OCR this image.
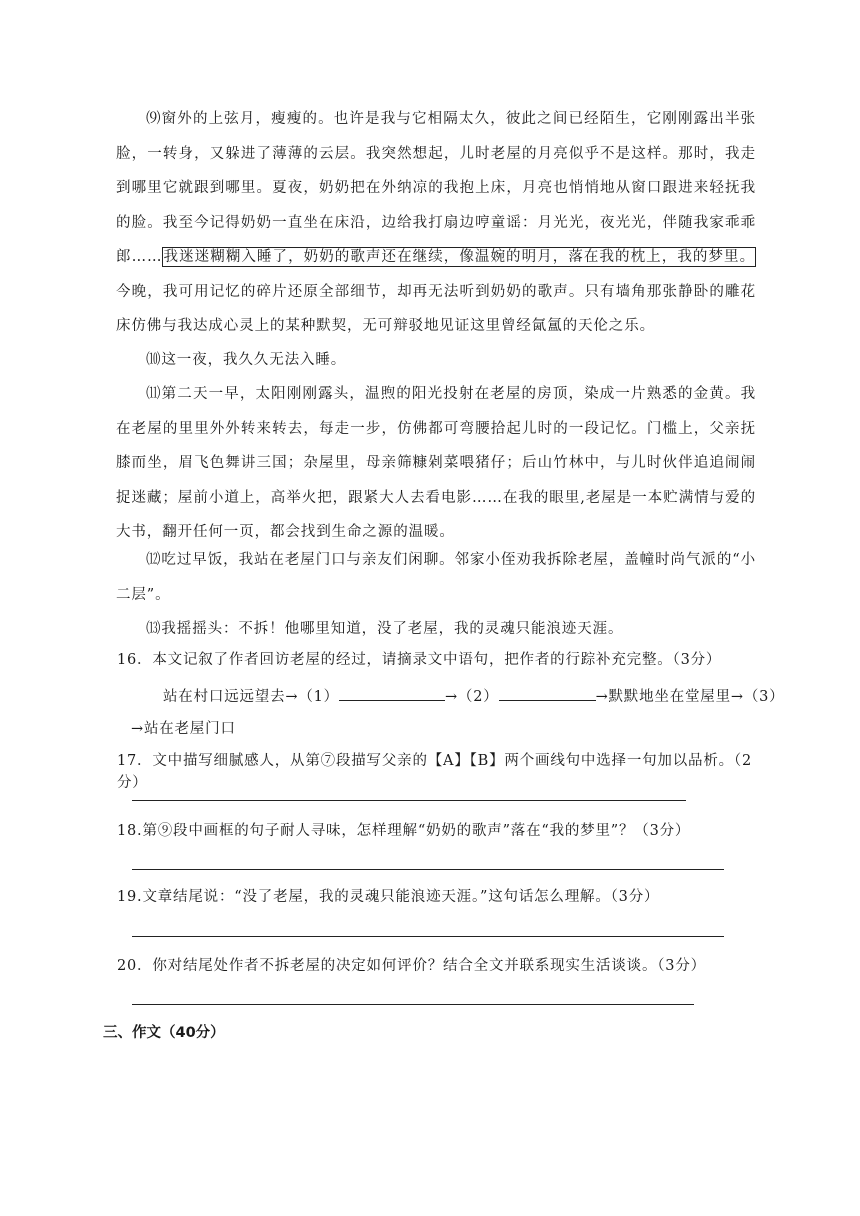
⑼窗外的上弦月，瘦瘦的。也许是我与它相隔太久，彼此之间已经陌生，它刚刚露出半张脸，一转身，又躲进了薄薄的云层。我突然想起，儿时老屋的月亮似乎不是这样。那时，我走到哪里它就跟到哪里。夏夜，奶奶把在外纳凉的我抱上床，月亮也悄悄地从窗口跟进来轻抚我的脸。我至今记得奶奶一直坐在床沿，边给我打扇边哼童谣：月光光，夜光光，伴随我家乖乖郎……我迷迷糊糊入睡了，奶奶的歌声还在继续，像温婉的明月，落在我的枕上，我的梦里。今晚，我可用记忆的碎片还原全部细节，却再无法听到奶奶的歌声。只有墙角那张静卧的雕花床仿佛与我达成心灵上的某种默契，无可辩驳地见证这里曾经氤氲的天伦之乐。

⑽这一夜，我久久无法入睡。

⑾第二天一早，太阳刚刚露头，温煦的阳光投射在老屋的房顶，染成一片熟悉的金黄。我在老屋的里里外外转来转去，每走一步，仿佛都可弯腰拾起儿时的一段记忆。门槛上，父亲抚膝而坐，眉飞色舞讲三国；杂屋里，母亲筛糠剁菜喂猪仔；后山竹林中，与儿时伙伴追追闹闹捉迷藏；屋前小道上，高举火把，跟紧大人去看电影……在我的眼里,老屋是一本贮满情与爱的大书，翻开任何一页，都会找到生命之源的温暖。

⑿吃过早饭，我站在老屋门口与亲友们闲聊。邻家小侄劝我拆除老屋，盖幢时尚气派的“小二层”。

⒀我摇摇头：不拆！他哪里知道，没了老屋，我的灵魂只能浪迹天涯。

16．本文记叙了作者回访老屋的经过，请摘录文中语句，把作者的行踪补充完整。（3分）

站在村口远远望去→（1）	→（2）	→默默地坐在堂屋里→（3）
→站在老屋门口

17．文中描写细腻感人，从第⑦段描写父亲的【A】【B】两个画线句中选择一句加以品析。（2分）

18.第⑨段中画框的句子耐人寻味，怎样理解“奶奶的歌声”落在“我的梦里”？（3分）

19.文章结尾说：“没了老屋，我的灵魂只能浪迹天涯。”这句话怎么理解。（3分）

20．你对结尾处作者不拆老屋的决定如何评价？结合全文并联系现实生活谈谈。（3分）

三、作文（40分）
